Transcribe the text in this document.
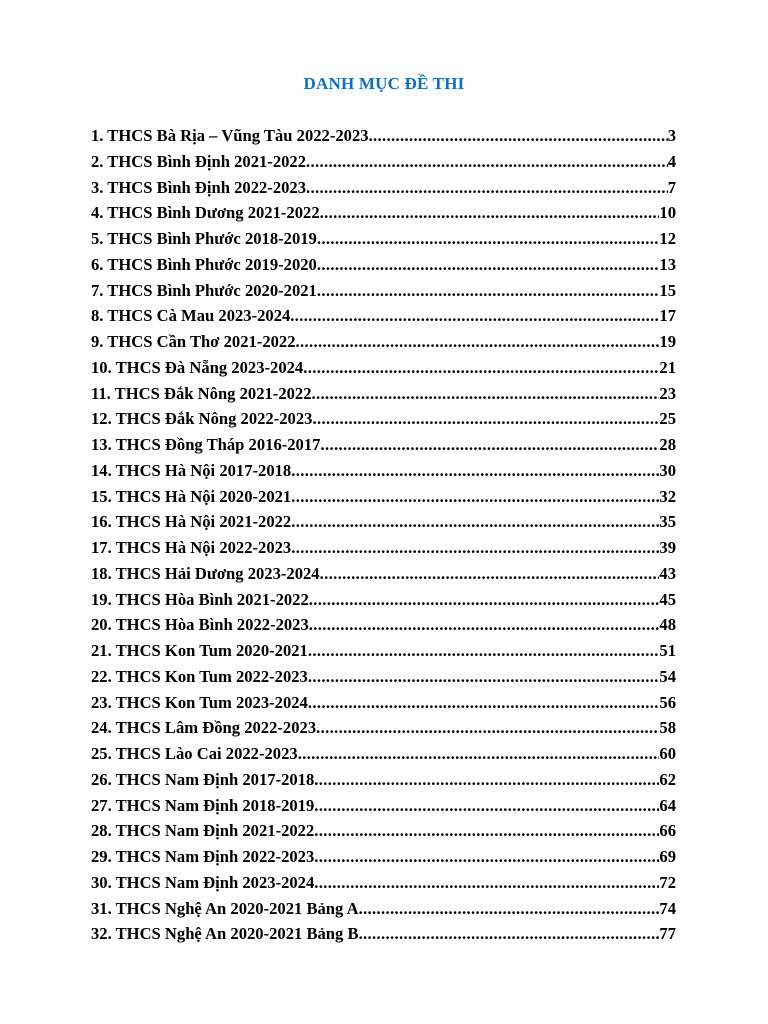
DANH MỤC ĐỀ THI
1. THCS Bà Rịa – Vũng Tàu 2022-2023 .....	3
2. THCS Bình Định 2021-2022 .....	4
3. THCS Bình Định 2022-2023 .....	7
4. THCS Bình Dương 2021-2022 .....	10
5. THCS Bình Phước 2018-2019 .....	12
6. THCS Bình Phước 2019-2020 .....	13
7. THCS Bình Phước 2020-2021 .....	15
8. THCS Cà Mau 2023-2024 .....	17
9. THCS Cần Thơ 2021-2022 .....	19
10. THCS Đà Nẵng 2023-2024 .....	21
11. THCS Đắk Nông 2021-2022 .....	23
12. THCS Đắk Nông 2022-2023 .....	25
13. THCS Đồng Tháp 2016-2017 .....	28
14. THCS Hà Nội 2017-2018 .....	30
15. THCS Hà Nội 2020-2021 .....	32
16. THCS Hà Nội 2021-2022 .....	35
17. THCS Hà Nội 2022-2023 .....	39
18. THCS Hải Dương 2023-2024 .....	43
19. THCS Hòa Bình 2021-2022 .....	45
20. THCS Hòa Bình 2022-2023 .....	48
21. THCS Kon Tum 2020-2021 .....	51
22. THCS Kon Tum 2022-2023 .....	54
23. THCS Kon Tum 2023-2024 .....	56
24. THCS Lâm Đồng 2022-2023 .....	58
25. THCS Lào Cai 2022-2023 .....	60
26. THCS Nam Định 2017-2018 .....	62
27. THCS Nam Định 2018-2019 .....	64
28. THCS Nam Định 2021-2022 .....	66
29. THCS Nam Định 2022-2023 .....	69
30. THCS Nam Định 2023-2024 .....	72
31. THCS Nghệ An 2020-2021 Bảng A .....	74
32. THCS Nghệ An 2020-2021 Bảng B .....	77
